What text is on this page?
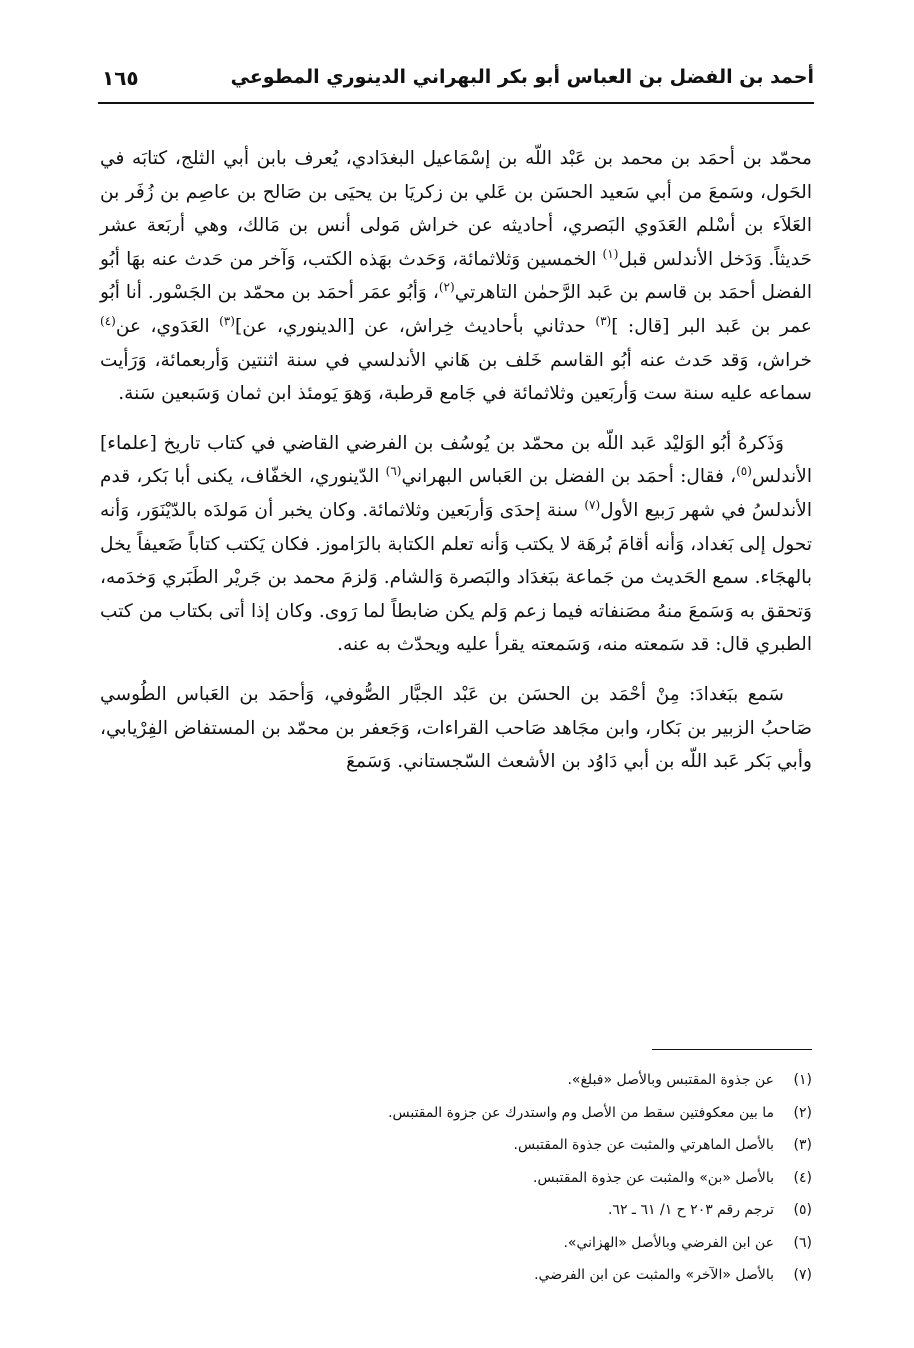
أحمد بن الفضل بن العباس أبو بكر البهراني الدينوري المطوعي
١٦٥

محمّد بن أحمَد بن محمد بن عَبْد اللّه بن إسْمَاعيل البغدَادي، يُعرف بابن أبي الثلج، كتابَه في الحَول، وسَمعَ من أبي سَعيد الحسَن بن عَلي بن زكريَا بن يحيَى بن صَالح بن عاصِم بن زُفَر بن العَلاَء بن أسْلم العَدَوي البَصري، أحاديثه عن خراش مَولى أنس بن مَالك، وهي أربَعة عشر حَديثاً. وَدَخل الأندلس قبل$^{(١)}$ الخمسين وَثلاثمائة، وَحَدث بهَذه الكتب، وَآخر من حَدث عنه بهَا أبُو الفضل أحمَد بن قاسم بن عَبد الرَّحمٰن التاهرتي$^{(٢)}$، وَأبُو عمَر أحمَد بن محمّد بن الجَسْور. أنا أبُو عمر بن عَبد البر [قال: ]$^{(٣)}$ حدثاني بأحاديث خِراش، عن [الدينوري، عن]$^{(٣)}$ العَدَوي، عن$^{(٤)}$ خراش، وَقد حَدث عنه أبُو القاسم خَلف بن هَاني الأندلسي في سنة اثنتين وَأربعمائة، وَرَأيت سماعه عليه سنة ست وَأربَعين وثلاثمائة في جَامع قرطبة، وَهوَ يَومئذ ابن ثمان وَسَبعين سَنة.

وَذَكرهُ أبُو الوَليْد عَبد اللّه بن محمّد بن يُوسُف بن الفرضي القاضي في كتاب تاريخ [علماء] الأندلس$^{(٥)}$، فقال: أحمَد بن الفضل بن العَباس البهراني$^{(٦)}$ الدّينوري، الخفّاف، يكنى أبا بَكر، قدم الأندلسُ في شهر رَبيع الأول$^{(٧)}$ سنة إحدَى وَأربَعين وثلاثمائة. وكان يخبر أن مَولدَه بالدّيْنَوَر، وَأنه تحول إلى بَغداد، وَأنه أقامَ بُرهَة لا يكتب وَأنه تعلم الكتابة بالرَاموز. فكان يَكتب كتاباً ضَعيفاً يخل بالهجَاء. سمع الحَديث من جَماعة ببَغدَاد والبَصرة وَالشام. وَلزمَ محمد بن جَريْر الطَبَري وَخدَمه، وَتحقق به وَسَمعَ منهُ مصَنفاته فيما زعم وَلم يكن ضابطاً لما رَوى. وكان إذا أتى بكتاب من كتب الطبري قال: قد سَمعته منه، وَسَمعته يقرأ عليه ويحدّث به عنه.

سَمع ببَغدادَ: مِنْ أحْمَد بن الحسَن بن عَبْد الجبَّار الصُّوفي، وَأحمَد بن العَباس الطُوسي صَاحبُ الزبير بن بَكار، وابن مجَاهد صَاحب القراءات، وَجَعفر بن محمّد بن المستفاض الفِرْيابي، وأبي بَكر عَبد اللّه بن أبي دَاوُد بن الأشعث السّجستاني. وَسَمعَ

(١)عن جذوة المقتبس وبالأصل «فبلغ».
(٢)ما بين معكوفتين سقط من الأصل وم واستدرك عن جزوة المقتبس.
(٣)بالأصل الماهرتي والمثبت عن جذوة المقتبس.
(٤)بالأصل «بن» والمثبت عن جذوة المقتبس.
(٥)ترجم رقم ٢٠٣ ح ١/ ٦١ ـ ٦٢.
(٦)عن ابن الفرضي وبالأصل «الهزاني».
(٧)بالأصل «الآخر» والمثبت عن ابن الفرضي.
